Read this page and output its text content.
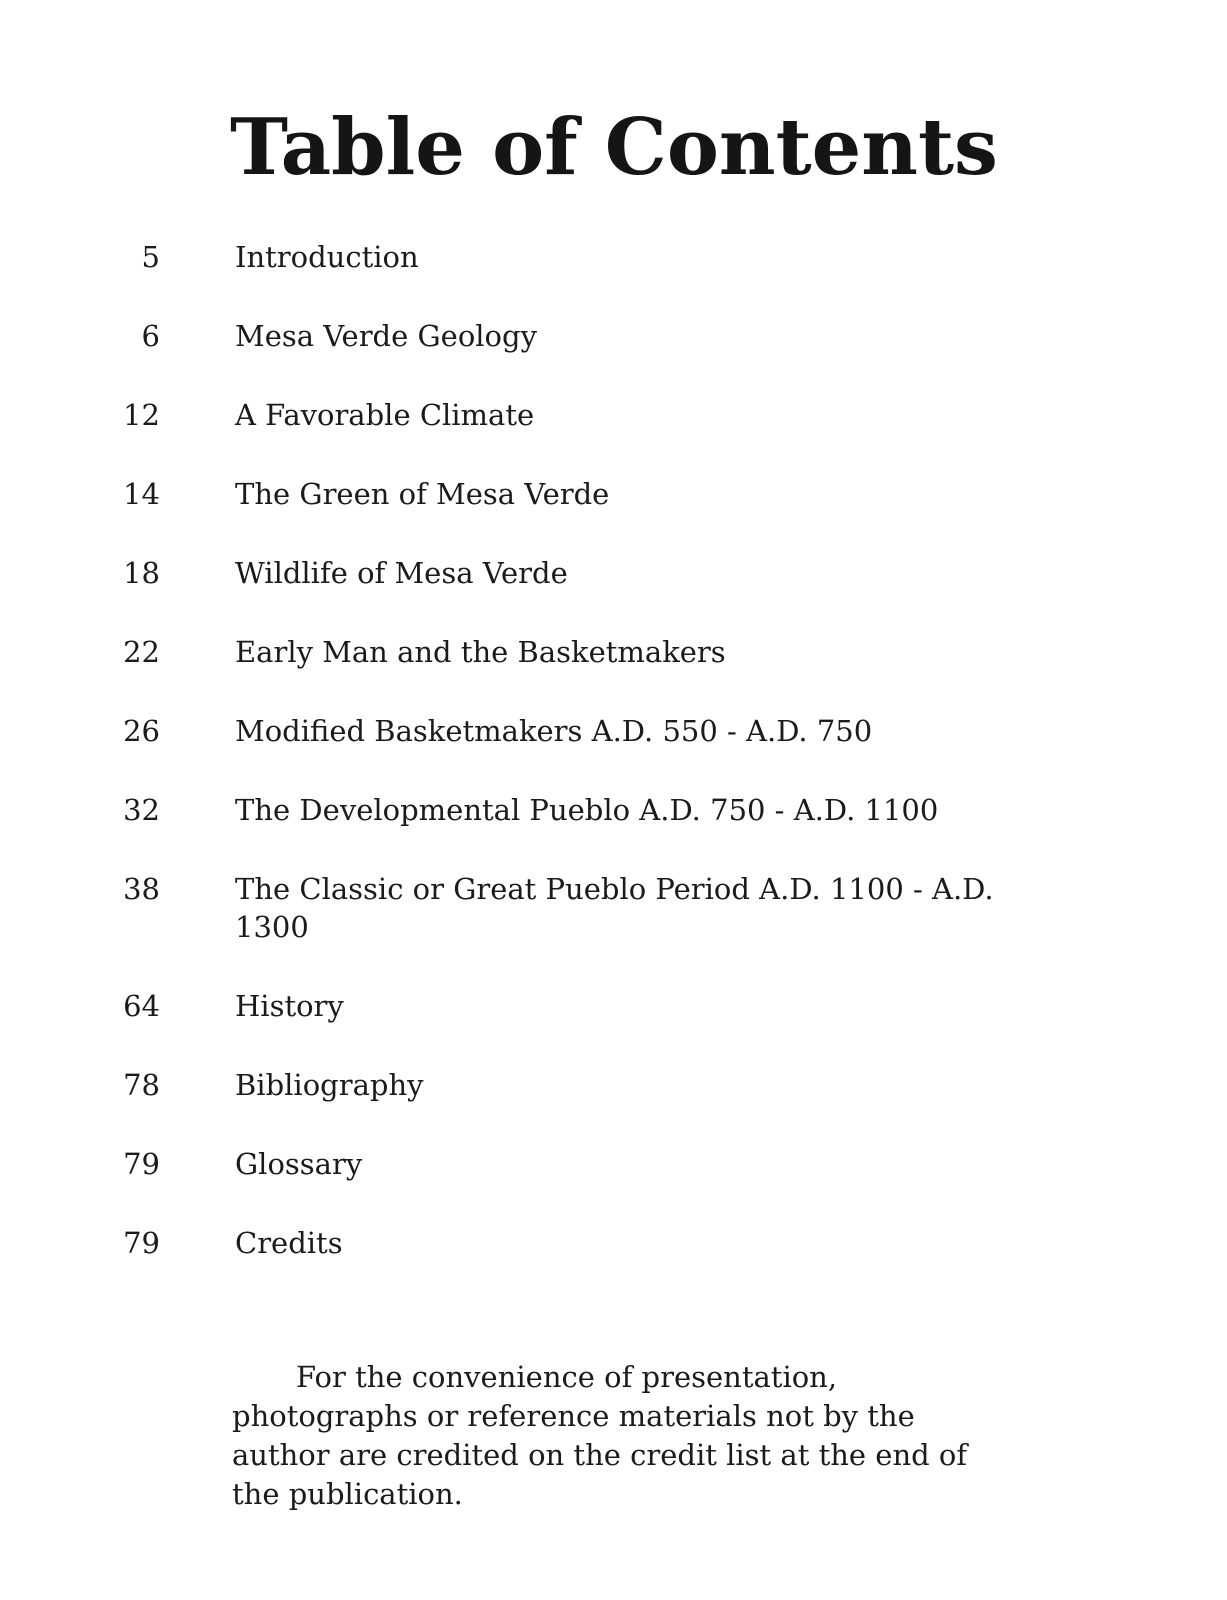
Table of Contents
5	Introduction
6	Mesa Verde Geology
12	A Favorable Climate
14	The Green of Mesa Verde
18	Wildlife of Mesa Verde
22	Early Man and the Basketmakers
26	Modified Basketmakers A.D. 550 - A.D. 750
32	The Developmental Pueblo A.D. 750 - A.D. 1100
38	The Classic or Great Pueblo Period A.D. 1100 - A.D. 1300
64	History
78	Bibliography
79	Glossary
79	Credits

For the convenience of presentation, photographs or reference materials not by the author are credited on the credit list at the end of the publication.
